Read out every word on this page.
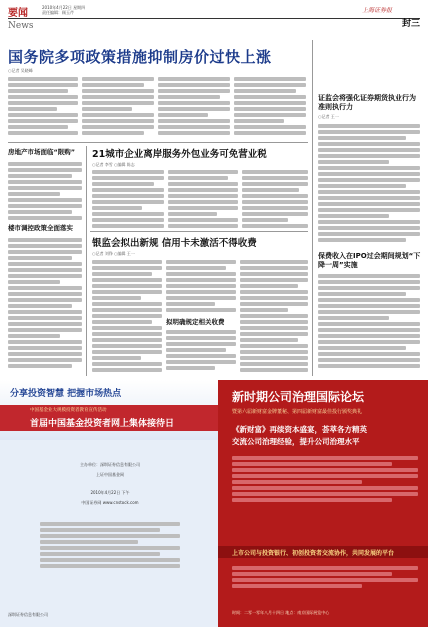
要闻
2010年4月22日 星期四
责任编辑：顾玉芹	上海证券报
News	封三
国务院多项政策措施抑制房价过快上涨
○记者 吴晓峰
证监会将强化证券期货执业行为准则执行力
○记者 王一
保费收入在IPO过会期间规划“下降一周”实施
房地产市场面临“限购”
楼市调控政策全面落实
21城市企业离岸服务外包业务可免营业税
○记者 李雪 ○编辑 陈志
银监会拟出新规 信用卡未激活不得收费
○记者 刘铮 ○编辑 王一
拟明确规定相关收费
分享投资智慧 把握市场热点
中国基金业大规模投资者教育宣传活动
首届中国基金投资者网上集体接待日
主办单位：深圳证券信息有限公司
上证中国基金网
2010年4月22日 下午
中国证券网 www.cnstock.com
深圳证券信息有限公司
新时期公司治理国际论坛
暨第六届新财富金牌董秘、第四届新财富最佳投行颁奖典礼
《新财富》再续资本盛宴，荟萃各方精英
交流公司治理经验，提升公司治理水平
上市公司与投资银行、初创投资者交流协作，共同发展的平台
时间：二零一零年八月十四日 地点：南京国际展览中心
